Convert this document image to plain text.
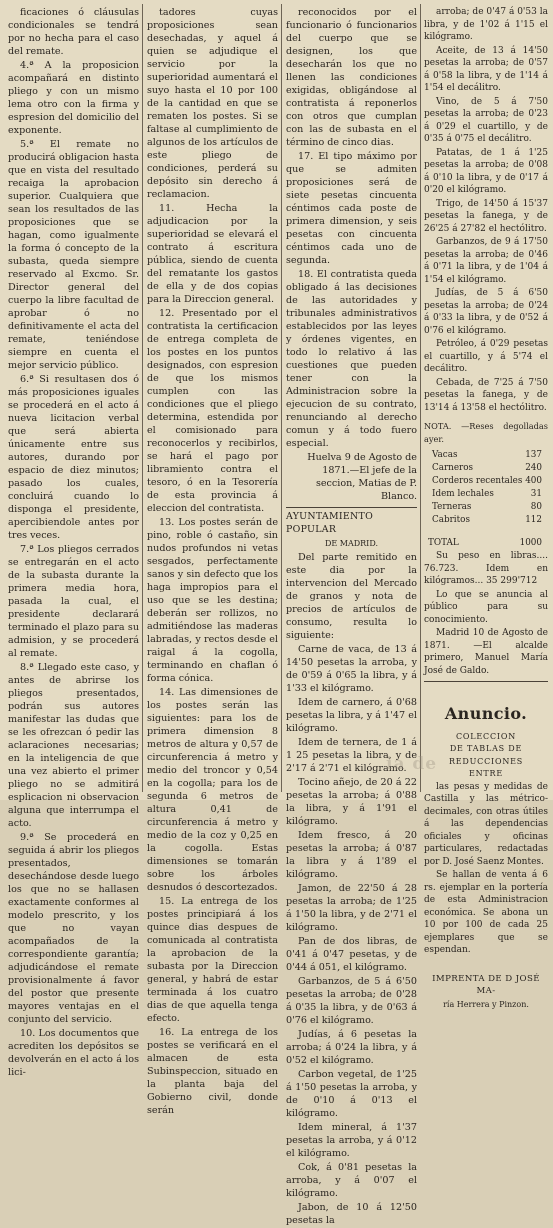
ficaciones ó cláusulas condicionales se tendrá por no hecha para el caso del remate.

4.ª A la proposicion acompañará en distinto pliego y con un mismo lema otro con la firma y espresion del domicilio del exponente.

5.ª El remate no producirá obligacion hasta que en vista del resultado recaiga la aprobacion superior. Cualquiera que sean los resultados de las proposiciones que se hagan, como igualmente la forma ó concepto de la subasta, queda siempre reservado al Excmo. Sr. Director general del cuerpo la libre facultad de aprobar ó no definitivamente el acta del remate, teniéndose siempre en cuenta el mejor servicio público.

6.ª Si resultasen dos ó más proposiciones iguales se procederá en el acto á nueva licitacion verbal que será abierta únicamente entre sus autores, durando por espacio de diez minutos; pasado los cuales, concluirá cuando lo disponga el presidente, apercibiendole antes por tres veces.

7.ª Los pliegos cerrados se entregarán en el acto de la subasta durante la primera media hora, pasada la cual, el presidente declarará terminado el plazo para su admision, y se procederá al remate.

8.ª Llegado este caso, y antes de abrirse los pliegos presentados, podrán sus autores manifestar las dudas que se les ofrezcan ó pedir las aclaraciones necesarias; en la inteligencia de que una vez abierto el primer pliego no se admitirá esplicacion ni observacion alguna que interrumpa el acto.

9.ª Se procederá en seguida á abrir los pliegos presentados, desechándose desde luego los que no se hallasen exactamente conformes al modelo prescrito, y los que no vayan acompañados de la correspondiente garantía; adjudicándose el remate provisionalmente á favor del postor que presente mayores ventajas en el conjunto del servicio.

10. Los documentos que acrediten los depósitos se devolverán en el acto á los lici-

tadores cuyas proposiciones sean desechadas, y aquel á quien se adjudique el servicio por la superioridad aumentará el suyo hasta el 10 por 100 de la cantidad en que se rematen los postes. Si se faltase al cumplimiento de algunos de los artículos de este pliego de condiciones, perderá su depósito sin derecho á reclamacion.

11. Hecha la adjudicacion por la superioridad se elevará el contrato á escritura pública, siendo de cuenta del rematante los gastos de ella y de dos copias para la Direccion general.

12. Presentado por el contratista la certificacion de entrega completa de los postes en los puntos designados, con espresion de que los mismos cumplen con las condiciones que el pliego determina, estendida por el comisionado para reconocerlos y recibirlos, se hará el pago por libramiento contra el tesoro, ó en la Tesorería de esta provincia á eleccion del contratista.

13. Los postes serán de pino, roble ó castaño, sin nudos profundos ni vetas sesgados, perfectamente sanos y sin defecto que los haga impropios para el uso que se les destina; deberán ser rollizos, no admitiéndose las maderas labradas, y rectos desde el raigal á la cogolla, terminando en chaflan ó forma cónica.

14. Las dimensiones de los postes serán las siguientes: para los de primera dimension 8 metros de altura y 0,57 de circunferencia á metro y medio del troncor y 0,54 en la cogolla; para los de segunda 6 metros de altura 0,41 de circunferencia á metro y medio de la coz y 0,25 en la cogolla. Estas dimensiones se tomarán sobre los árboles desnudos ó descortezados.

15. La entrega de los postes principiará á los quince dias despues de comunicada al contratista la aprobacion de la subasta por la Direccion general, y habrá de estar terminada á los cuatro dias de que aquella tenga efecto.

16. La entrega de los postes se verificará en el almacen de esta Subinspeccion, situado en la planta baja del Gobierno civil, donde serán

reconocidos por el funcionario ó funcionarios del cuerpo que se designen, los que desecharán los que no llenen las condiciones exigidas, obligándose al contratista á reponerlos con otros que cumplan con las de subasta en el término de cinco dias.

17. El tipo máximo por que se admiten proposiciones será de siete pesetas cincuenta céntimos cada poste de primera dimension, y seis pesetas con cincuenta céntimos cada uno de segunda.

18. El contratista queda obligado á las decisiones de las autoridades y tribunales administrativos establecidos por las leyes y órdenes vigentes, en todo lo relativo á las cuestiones que pueden tener con la Administracion sobre la ejecucion de su contrato, renunciando al derecho comun y á todo fuero especial.

Huelva 9 de Agosto de 1871.—El jefe de la seccion, Matias de P. Blanco.

AYUNTAMIENTO POPULAR

DE MADRID.

Del parte remitido en este dia por la intervencion del Mercado de granos y nota de precios de artículos de consumo, resulta lo siguiente:

Carne de vaca, de 13 á 14'50 pesetas la arroba, y de 0'59 á 0'65 la libra, y á 1'33 el kilógramo.

Idem de carnero, á 0'68 pesetas la libra, y á 1'47 el kilógramo.

Idem de ternera, de 1 á 1 25 pesetas la libra, y de 2'17 á 2'71 el kilógramo.

Tocino añejo, de 20 á 22 pesetas la arroba; á 0'88 la libra, y á 1'91 el kilógramo.

Idem fresco, á 20 pesetas la arroba; á 0'87 la libra y á 1'89 el kilógramo.

Jamon, de 22'50 á 28 pesetas la arroba; de 1'25 á 1'50 la libra, y de 2'71 el kilógramo.

Pan de dos libras, de 0'41 á 0'47 pesetas, y de 0'44 á 051, el kilógramo.

Garbanzos, de 5 á 6'50 pesetas la arroba; de 0'28 á 0'35 la libra, y de 0'63 á 0'76 el kilógramo.

Judías, á 6 pesetas la arroba; á 0'24 la libra, y á 0'52 el kilógramo.

Carbon vegetal, de 1'25 á 1'50 pesetas la arroba, y de 0'10 á 0'13 el kilógramo.

Idem mineral, á 1'37 pesetas la arroba, y á 0'12 el kilógramo.

Cok, á 0'81 pesetas la arroba, y á 0'07 el kilógramo.

Jabon, de 10 á 12'50 pesetas la

arroba; de 0'47 á 0'53 la libra, y de 1'02 á 1'15 el kilógramo.

Aceite, de 13 á 14'50 pesetas la arroba; de 0'57 á 0'58 la libra, y de 1'14 á 1'54 el decálitro.

Vino, de 5 á 7'50 pesetas la arroba; de 0'23 á 0'29 el cuartillo, y de 0'35 á 0'75 el decálitro.

Patatas, de 1 á 1'25 pesetas la arroba; de 0'08 á 0'10 la libra, y de 0'17 á 0'20 el kilógramo.

Trigo, de 14'50 á 15'37 pesetas la fanega, y de 26'25 á 27'82 el hectólitro.

Garbanzos, de 9 á 17'50 pesetas la arroba; de 0'46 á 0'71 la libra, y de 1'04 á 1'54 el kilógramo.

Judías, de 5 á 6'50 pesetas la arroba; de 0'24 á 0'33 la libra, y de 0'52 á 0'76 el kilógramo.

Petróleo, á 0'29 pesetas el cuartillo, y á 5'74 el decálitro.

Cebada, de 7'25 á 7'50 pesetas la fanega, y de 13'14 á 13'58 el hectólitro.

NOTA. —Reses degolladas ayer.

Vacas	137
Carneros	240
Corderos recentales 400
Idem lechales	31
Terneras	80
Cabritos	112
TOTAL	1000

Su peso en libras.... 76.723. Idem en kilógramos... 35 299'712

Lo que se anuncia al público para su conocimiento.

Madrid 10 de Agosto de 1871. —El alcalde primero, Manuel María José de Galdo.

Anuncio.

COLECCION

DE TABLAS DE REDUCCIONES

ENTRE

las pesas y medidas de Castilla y las métrico-decimales, con otras útiles á las dependencias oficiales y oficinas particulares, redactadas por D. José Saenz Montes.

Se hallan de venta á 6 rs. ejemplar en la portería de esta Administracion económica. Se abona un 10 por 100 de cada 25 ejemplares que se espendan.

IMPRENTA DE D JOSÉ MA-

ría Herrera y Pinzon.

ia de
